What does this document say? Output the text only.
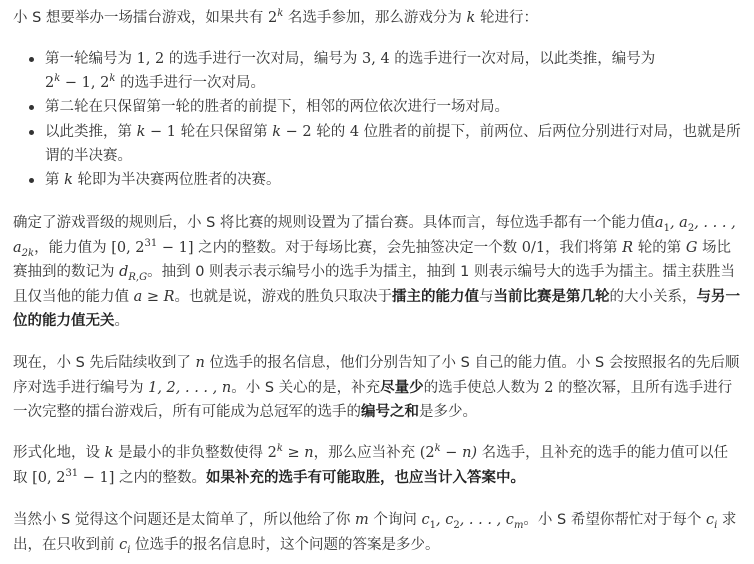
小 S 想要举办一场擂台游戏，如果共有 2$^k$ 名选手参加，那么游戏分为 k 轮进行：

第一轮编号为 1, 2 的选手进行一次对局，编号为 3, 4 的选手进行一次对局，以此类推，编号为
$2^k - 1$, 2$^k$ 的选手进行一次对局。
第二轮在只保留第一轮的胜者的前提下，相邻的两位依次进行一场对局。
以此类推，第 k − 1 轮在只保留第 k − 2 轮的 4 位胜者的前提下，前两位、后两位分别进行对局，也就是所谓的半决赛。
第 k 轮即为半决赛两位胜者的决赛。

确定了游戏晋级的规则后，小 S 将比赛的规则设置为了擂台赛。具体而言，每位选手都有一个能力值$a_1$, $a_2$, . . . , $a_{2k}$，能力值为 [0, $2^{31} - 1$] 之内的整数。对于每场比赛，会先抽签决定一个数 0/1，我们将第 R 轮的第 G 场比赛抽到的数记为 $d_{R,G}$。抽到 0 则表示表示编号小的选手为擂主，抽到 1 则表示编号大的选手为擂主。擂主获胜当且仅当他的能力值 a ≥ R。也就是说，游戏的胜负只取决于擂主的能力值与当前比赛是第几轮的大小关系，与另一位的能力值无关。

现在，小 S 先后陆续收到了 n 位选手的报名信息，他们分别告知了小 S 自己的能力值。小 S 会按照报名的先后顺序对选手进行编号为 1, 2, . . . , n。小 S 关心的是，补充尽量少的选手使总人数为 2 的整次幂，且所有选手进行一次完整的擂台游戏后，所有可能成为总冠军的选手的编号之和是多少。

形式化地，设 k 是最小的非负整数使得 $2^k \ge n$，那么应当补充 $(2^k - n)$ 名选手，且补充的选手的能力值可以任取 [0, $2^{31} - 1$] 之内的整数。如果补充的选手有可能取胜，也应当计入答案中。

当然小 S 觉得这个问题还是太简单了，所以他给了你 m 个询问 $c_1$, $c_2$, . . . , $c_m$。小 S 希望你帮忙对于每个 $c_i$ 求出，在只收到前 $c_i$ 位选手的报名信息时，这个问题的答案是多少。
